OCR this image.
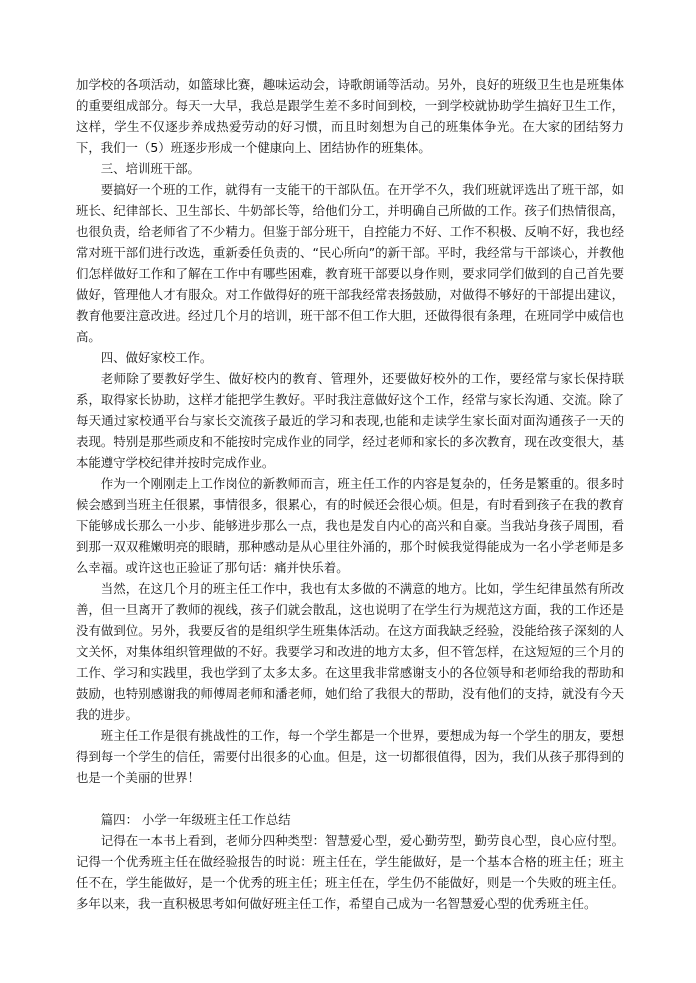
加学校的各项活动，如篮球比赛，趣味运动会，诗歌朗诵等活动。另外，良好的班级卫生也是班集体的重要组成部分。每天一大早，我总是跟学生差不多时间到校，一到学校就协助学生搞好卫生工作，这样，学生不仅逐步养成热爱劳动的好习惯，而且时刻想为自己的班集体争光。在大家的团结努力下，我们一（5）班逐步形成一个健康向上、团结协作的班集体。

三、培训班干部。

要搞好一个班的工作，就得有一支能干的干部队伍。在开学不久，我们班就评选出了班干部，如班长、纪律部长、卫生部长、牛奶部长等，给他们分工，并明确自己所做的工作。孩子们热情很高，也很负责，给老师省了不少精力。但鉴于部分班干，自控能力不好、工作不积极、反响不好，我也经常对班干部们进行改选，重新委任负责的、“民心所向”的新干部。平时，我经常与干部谈心，并教他们怎样做好工作和了解在工作中有哪些困难，教育班干部要以身作则，要求同学们做到的自己首先要做好，管理他人才有服众。对工作做得好的班干部我经常表扬鼓励，对做得不够好的干部提出建议，教育他要注意改进。经过几个月的培训，班干部不但工作大胆，还做得很有条理，在班同学中威信也高。

四、做好家校工作。

老师除了要教好学生、做好校内的教育、管理外，还要做好校外的工作，要经常与家长保持联系，取得家长协助，这样才能把学生教好。平时我注意做好这个工作，经常与家长沟通、交流。除了每天通过家校通平台与家长交流孩子最近的学习和表现,也能和走读学生家长面对面沟通孩子一天的表现。特别是那些顽皮和不能按时完成作业的同学，经过老师和家长的多次教育，现在改变很大，基本能遵守学校纪律并按时完成作业。

作为一个刚刚走上工作岗位的新教师而言，班主任工作的内容是复杂的，任务是繁重的。很多时候会感到当班主任很累，事情很多，很累心，有的时候还会很心烦。但是，有时看到孩子在我的教育下能够成长那么一小步、能够进步那么一点，我也是发自内心的高兴和自豪。当我站身孩子周围，看到那一双双稚嫩明亮的眼睛，那种感动是从心里往外涌的，那个时候我觉得能成为一名小学老师是多么幸福。或许这也正验证了那句话：痛并快乐着。

当然，在这几个月的班主任工作中，我也有太多做的不满意的地方。比如，学生纪律虽然有所改善，但一旦离开了教师的视线，孩子们就会散乱，这也说明了在学生行为规范这方面，我的工作还是没有做到位。另外，我要反省的是组织学生班集体活动。在这方面我缺乏经验，没能给孩子深刻的人文关怀，对集体组织管理做的不好。我要学习和改进的地方太多，但不管怎样，在这短短的三个月的工作、学习和实践里，我也学到了太多太多。在这里我非常感谢支小的各位领导和老师给我的帮助和鼓励，也特别感谢我的师傅周老师和潘老师，她们给了我很大的帮助，没有他们的支持，就没有今天我的进步。

班主任工作是很有挑战性的工作，每一个学生都是一个世界，要想成为每一个学生的朋友，要想得到每一个学生的信任，需要付出很多的心血。但是，这一切都很值得，因为，我们从孩子那得到的也是一个美丽的世界！

篇四： 小学一年级班主任工作总结

记得在一本书上看到，老师分四种类型：智慧爱心型，爱心勤劳型，勤劳良心型，良心应付型。记得一个优秀班主任在做经验报告的时说：班主任在，学生能做好，是一个基本合格的班主任；班主任不在，学生能做好，是一个优秀的班主任；班主任在，学生仍不能做好，则是一个失败的班主任。多年以来，我一直积极思考如何做好班主任工作，希望自己成为一名智慧爱心型的优秀班主任。
